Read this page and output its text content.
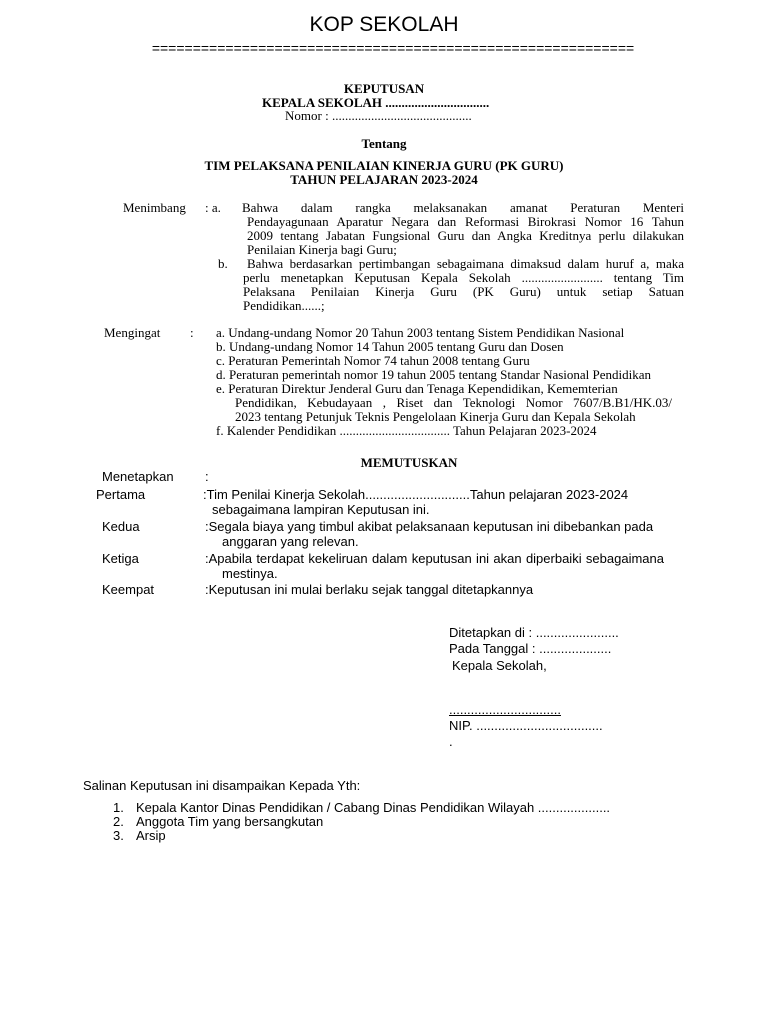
KOP SEKOLAH
===========================================================
KEPUTUSAN
KEPALA SEKOLAH ................................
Nomor : ...........................................
Tentang
TIM PELAKSANA PENILAIAN KINERJA GURU (PK GURU)
TAHUN PELAJARAN 2023-2024
Menimbang : a. Bahwa dalam rangka melaksanakan amanat Peraturan Menteri
Pendayagunaan Aparatur Negara dan Reformasi Birokrasi Nomor 16 Tahun
2009 tentang Jabatan Fungsional Guru dan Angka Kreditnya perlu dilakukan
Penilaian Kinerja bagi Guru;
b. Bahwa berdasarkan pertimbangan sebagaimana dimaksud dalam huruf a, maka
perlu menetapkan Keputusan Kepala Sekolah ......................... tentang Tim
Pelaksana Penilaian Kinerja Guru (PK Guru) untuk setiap Satuan
Pendidikan......;
Mengingat : a. Undang-undang Nomor 20 Tahun 2003 tentang Sistem Pendidikan Nasional
b. Undang-undang Nomor 14 Tahun 2005 tentang Guru dan Dosen
c. Peraturan Pemerintah Nomor 74 tahun 2008 tentang Guru
d. Peraturan pemerintah nomor 19 tahun 2005 tentang Standar Nasional Pendidikan
e. Peraturan Direktur Jenderal Guru dan Tenaga Kependidikan, Kememterian
Pendidikan, Kebudayaan , Riset dan Teknologi Nomor 7607/B.B1/HK.03/
2023 tentang Petunjuk Teknis Pengelolaan Kinerja Guru dan Kepala Sekolah
f. Kalender Pendidikan .................................. Tahun Pelajaran 2023-2024
MEMUTUSKAN
Menetapkan :
Pertama	:Tim Penilai Kinerja Sekolah.............................Tahun pelajaran 2023-2024
sebagaimana lampiran Keputusan ini.
Kedua	:Segala biaya yang timbul akibat pelaksanaan keputusan ini dibebankan pada
anggaran yang relevan.
Ketiga	:Apabila terdapat kekeliruan dalam keputusan ini akan diperbaiki sebagaimana
mestinya.
Keempat	:Keputusan ini mulai berlaku sejak tanggal ditetapkannya
Ditetapkan di : .......................
Pada Tanggal : ....................
Kepala Sekolah,
...............................
NIP. ...................................
.
Salinan Keputusan ini disampaikan Kepada Yth:
1. Kepala Kantor Dinas Pendidikan / Cabang Dinas Pendidikan Wilayah ....................
2. Anggota Tim yang bersangkutan
3. Arsip
